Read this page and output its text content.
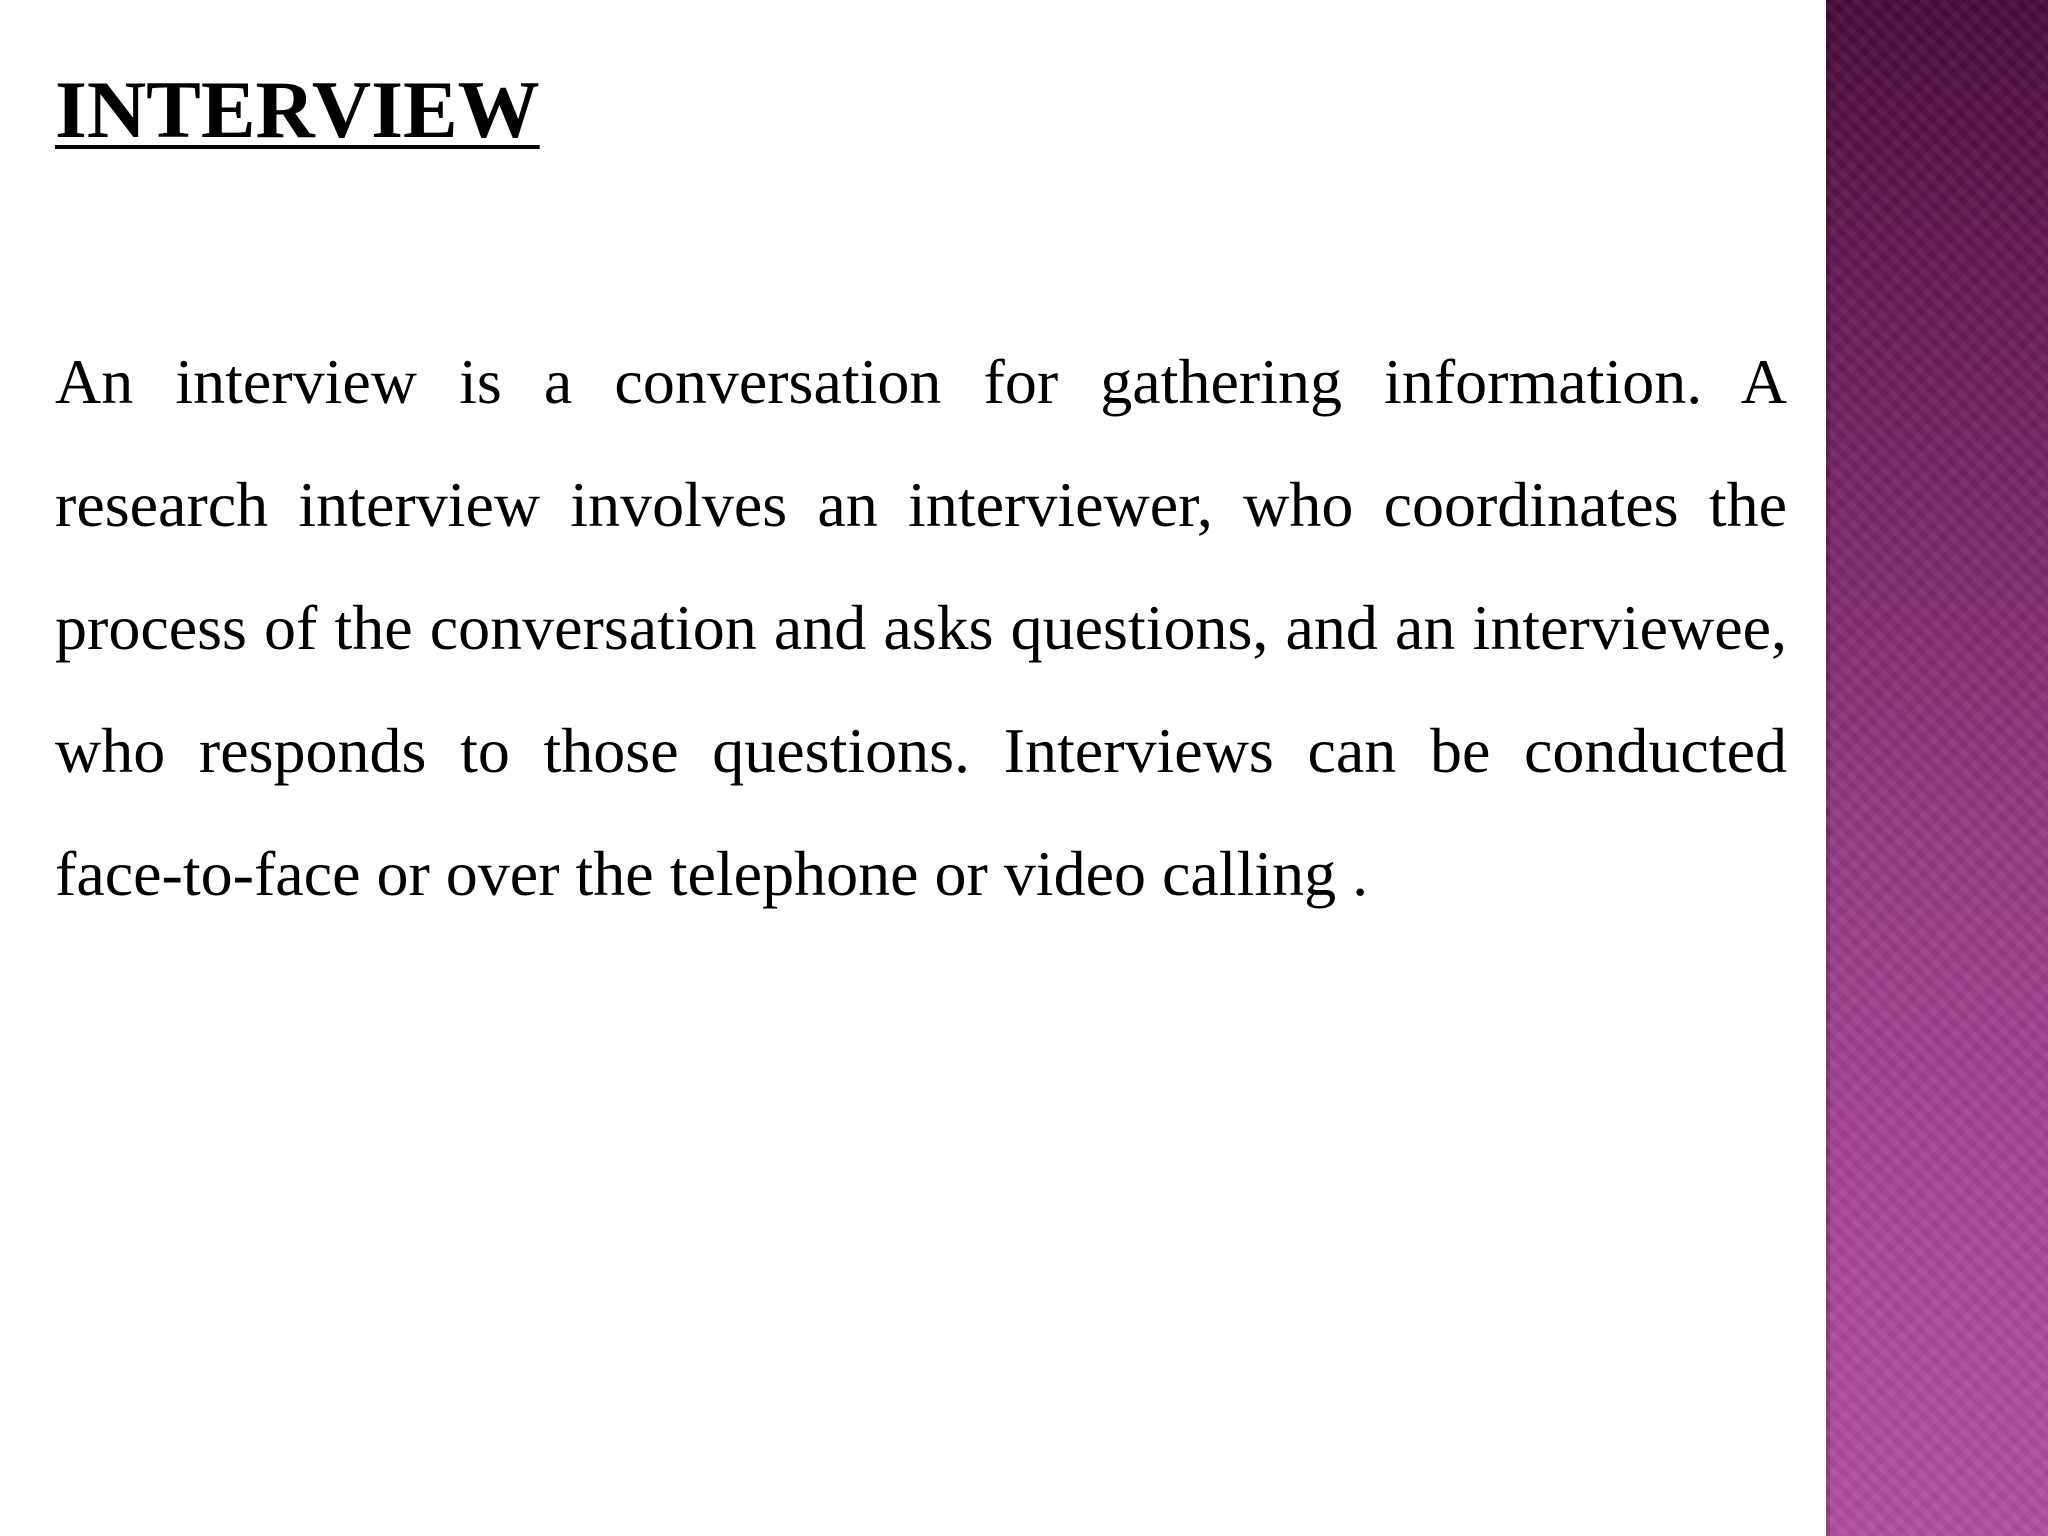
INTERVIEW

An interview is a conversation for gathering information. A research interview involves an interviewer, who coordinates the process of the conversation and asks questions, and an interviewee, who responds to those questions. Interviews can be conducted face-to-face or over the telephone or video calling .
